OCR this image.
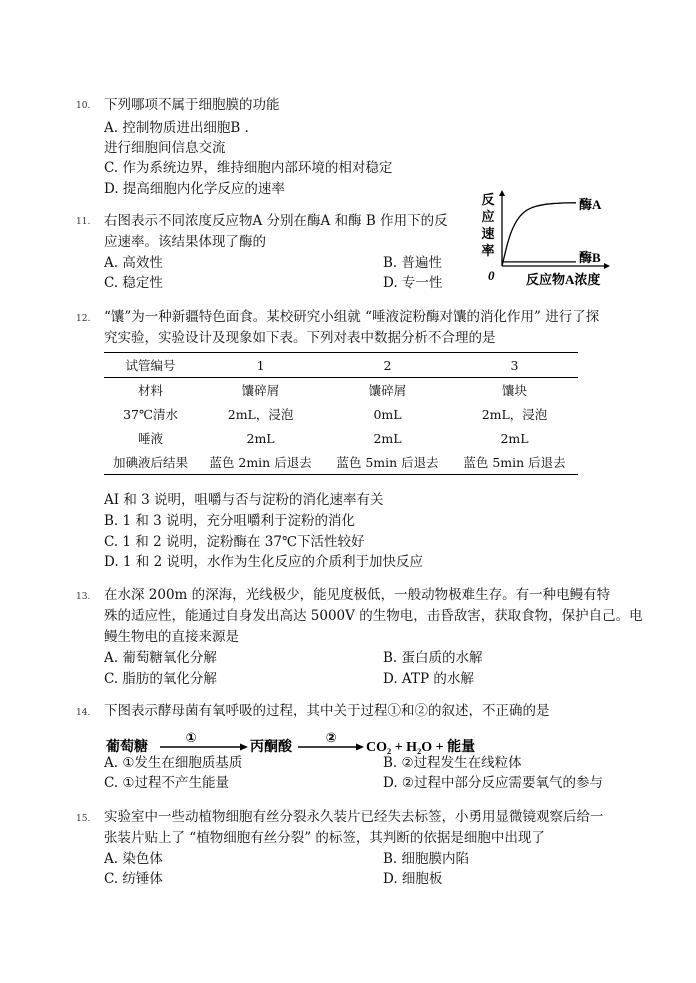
10. 下列哪项不属于细胞膜的功能
A. 控制物质进出细胞B .
进行细胞间信息交流
C. 作为系统边界，维持细胞内部环境的相对稳定
D. 提高细胞内化学反应的速率
11. 右图表示不同浓度反应物A 分别在酶A 和酶 B 作用下的反
应速率。该结果体现了酶的
A. 高效性	B. 普遍性
C. 稳定性	D. 专一性
反
应
速
率
0 反应物A浓度
酶A
酶B
12. “馕”为一种新疆特色面食。某校研究小组就 “唾液淀粉酶对馕的消化作用” 进行了探
究实验，实验设计及现象如下表。下列对表中数据分析不合理的是
试管编号	1	2	3
材料	馕碎屑	馕碎屑	馕块
37℃清水	2mL，浸泡	0mL	2mL，浸泡
唾液	2mL	2mL	2mL
加碘液后结果	蓝色 2min 后退去	蓝色 5min 后退去	蓝色 5min 后退去
AI 和 3 说明，咀嚼与否与淀粉的消化速率有关
B. 1 和 3 说明，充分咀嚼利于淀粉的消化
C. 1 和 2 说明，淀粉酶在 37℃下活性较好
D. 1 和 2 说明，水作为生化反应的介质利于加快反应
13. 在水深 200m 的深海，光线极少，能见度极低，一般动物极难生存。有一种电鳗有特
殊的适应性，能通过自身发出高达 5000V 的生物电，击昏敌害，获取食物，保护自己。电
鳗生物电的直接来源是
A. 葡萄糖氧化分解	B. 蛋白质的水解
C. 脂肪的氧化分解	D. ATP 的水解
14. 下图表示酵母菌有氧呼吸的过程，其中关于过程①和②的叙述，不正确的是
葡萄糖
①
丙酮酸
②
CO₂ + H₂O + 能量
A. ①发生在细胞质基质	B. ②过程发生在线粒体
C. ①过程不产生能量	D. ②过程中部分反应需要氧气的参与
15. 实验室中一些动植物细胞有丝分裂永久装片已经失去标签，小勇用显微镜观察后给一
张装片贴上了 “植物细胞有丝分裂” 的标签，其判断的依据是细胞中出现了
A. 染色体	B. 细胞膜内陷
C. 纺锤体	D. 细胞板
